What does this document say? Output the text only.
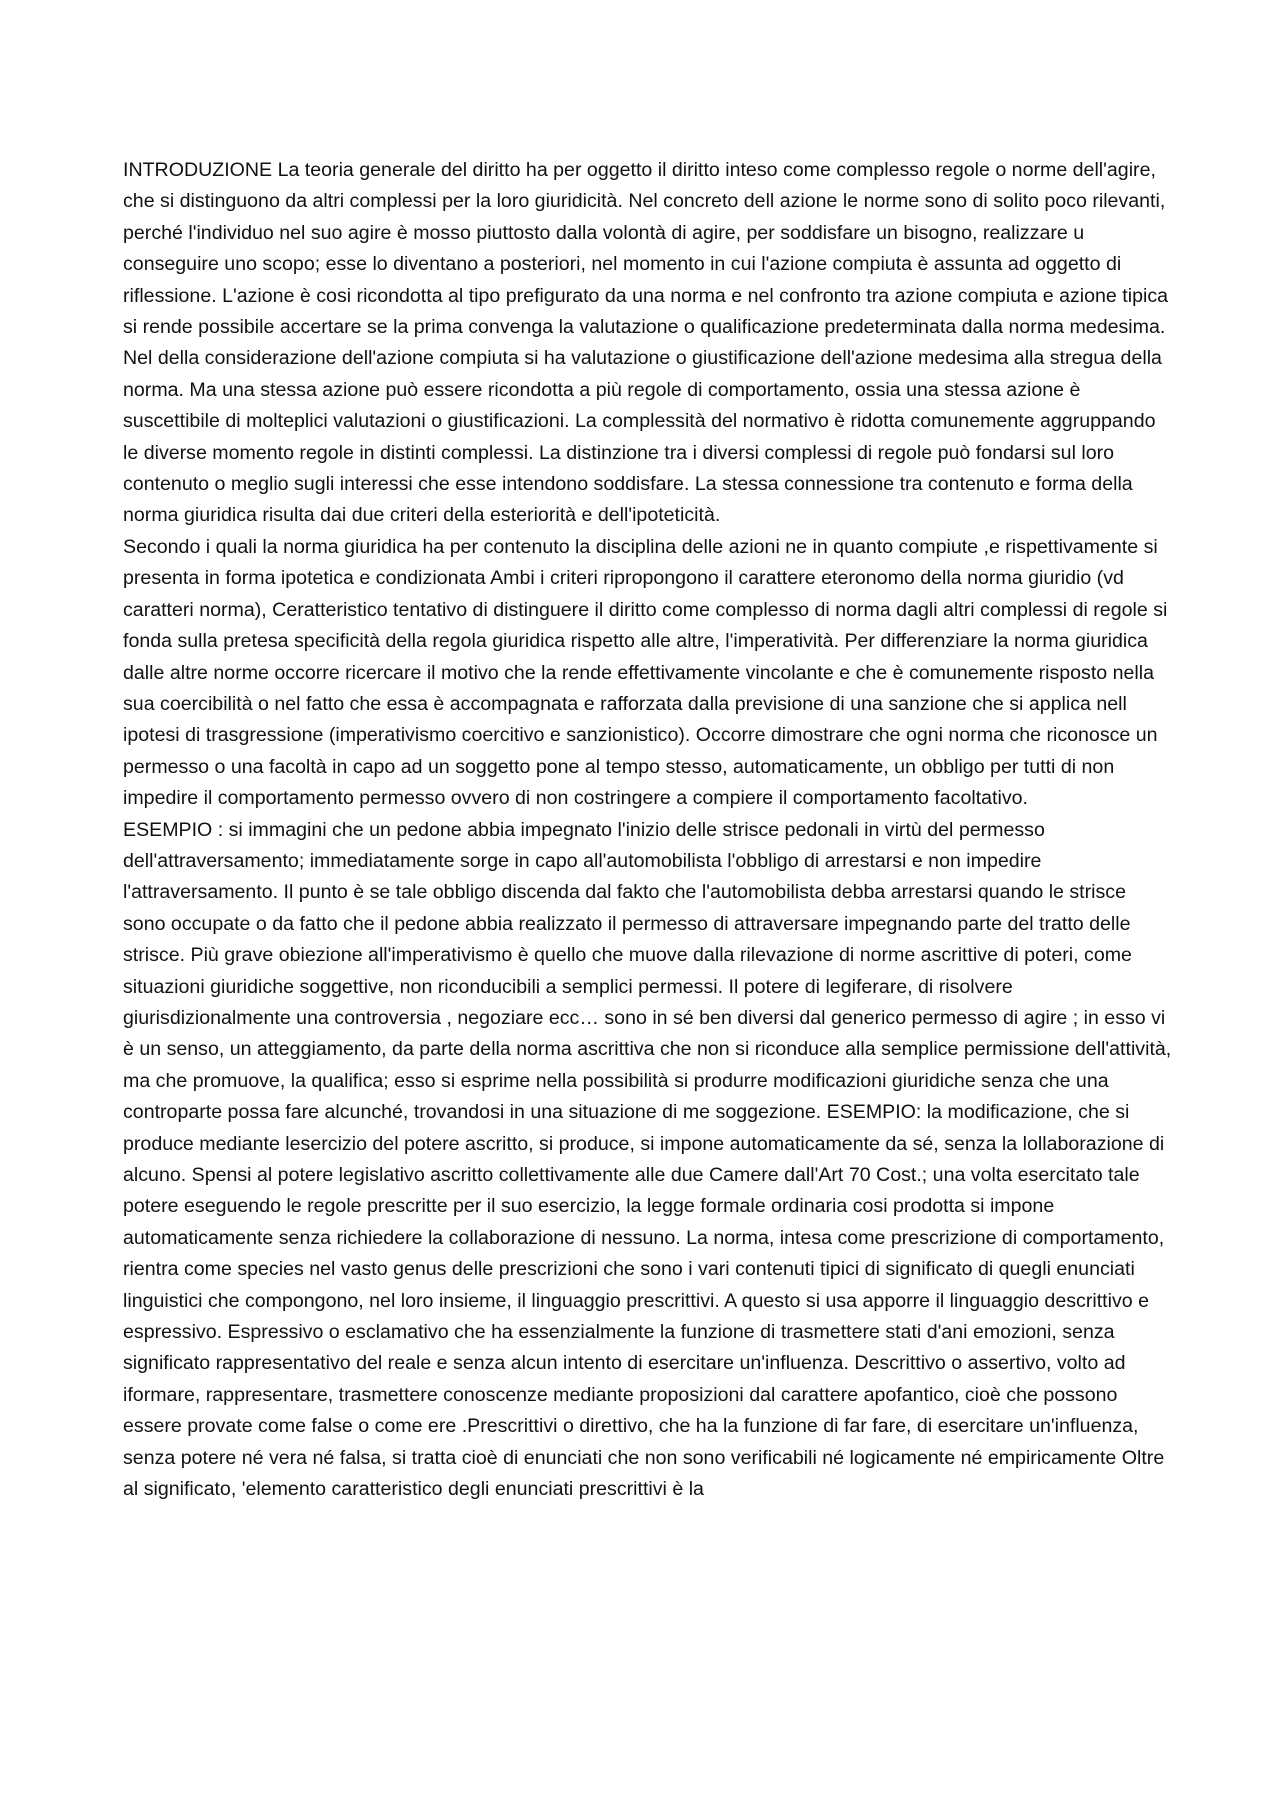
INTRODUZIONE La teoria generale del diritto ha per oggetto il diritto inteso come complesso regole o norme dell'agire, che si distinguono da altri complessi per la loro giuridicità. Nel concreto dell azione le norme sono di solito poco rilevanti, perché l'individuo nel suo agire è mosso piuttosto dalla volontà di agire, per soddisfare un bisogno, realizzare u conseguire uno scopo; esse lo diventano a posteriori, nel momento in cui l'azione compiuta è assunta ad oggetto di riflessione. L'azione è cosi ricondotta al tipo prefigurato da una norma e nel confronto tra azione compiuta e azione tipica si rende possibile accertare se la prima convenga la valutazione o qualificazione predeterminata dalla norma medesima. Nel della considerazione dell'azione compiuta si ha valutazione o giustificazione dell'azione medesima alla stregua della norma. Ma una stessa azione può essere ricondotta a più regole di comportamento, ossia una stessa azione è suscettibile di molteplici valutazioni o giustificazioni. La complessità del normativo è ridotta comunemente aggruppando le diverse momento regole in distinti complessi. La distinzione tra i diversi complessi di regole può fondarsi sul loro contenuto o meglio sugli interessi che esse intendono soddisfare. La stessa connessione tra contenuto e forma della norma giuridica risulta dai due criteri della esteriorità e dell'ipoteticità.

Secondo i quali la norma giuridica ha per contenuto la disciplina delle azioni ne in quanto compiute ,e rispettivamente si presenta in forma ipotetica e condizionata Ambi i criteri ripropongono il carattere eteronomo della norma giuridio (vd caratteri norma), Ceratteristico tentativo di distinguere il diritto come complesso di norma dagli altri complessi di regole si fonda sulla pretesa specificità della regola giuridica rispetto alle altre, l'imperatività. Per differenziare la norma giuridica dalle altre norme occorre ricercare il motivo che la rende effettivamente vincolante e che è comunemente risposto nella sua coercibilità o nel fatto che essa è accompagnata e rafforzata dalla previsione di una sanzione che si applica nell ipotesi di trasgressione (imperativismo coercitivo e sanzionistico). Occorre dimostrare che ogni norma che riconosce un permesso o una facoltà in capo ad un soggetto pone al tempo stesso, automaticamente, un obbligo per tutti di non impedire il comportamento permesso ovvero di non costringere a compiere il comportamento facoltativo.

ESEMPIO : si immagini che un pedone abbia impegnato l'inizio delle strisce pedonali in virtù del permesso dell'attraversamento; immediatamente sorge in capo all'automobilista l'obbligo di arrestarsi e non impedire l'attraversamento. Il punto è se tale obbligo discenda dal fakto che l'automobilista debba arrestarsi quando le strisce sono occupate o da fatto che il pedone abbia realizzato il permesso di attraversare impegnando parte del tratto delle strisce. Più grave obiezione all'imperativismo è quello che muove dalla rilevazione di norme ascrittive di poteri, come situazioni giuridiche soggettive, non riconducibili a semplici permessi. Il potere di legiferare, di risolvere giurisdizionalmente una controversia , negoziare ecc… sono in sé ben diversi dal generico permesso di agire ; in esso vi è un senso, un atteggiamento, da parte della norma ascrittiva che non si riconduce alla semplice permissione dell'attività, ma che promuove, la qualifica; esso si esprime nella possibilità si produrre modificazioni giuridiche senza che una controparte possa fare alcunché, trovandosi in una situazione di me soggezione. ESEMPIO: la modificazione, che si produce mediante lesercizio del potere ascritto, si produce, si impone automaticamente da sé, senza la lollaborazione di alcuno. Spensi al potere legislativo ascritto collettivamente alle due Camere dall'Art 70 Cost.; una volta esercitato tale potere eseguendo le regole prescritte per il suo esercizio, la legge formale ordinaria cosi prodotta si impone automaticamente senza richiedere la collaborazione di nessuno. La norma, intesa come prescrizione di comportamento, rientra come species nel vasto genus delle prescrizioni che sono i vari contenuti tipici di significato di quegli enunciati linguistici che compongono, nel loro insieme, il linguaggio prescrittivi. A questo si usa apporre il linguaggio descrittivo e espressivo. Espressivo o esclamativo che ha essenzialmente la funzione di trasmettere stati d'ani emozioni, senza significato rappresentativo del reale e senza alcun intento di esercitare un'influenza. Descrittivo o assertivo, volto ad iformare, rappresentare, trasmettere conoscenze mediante proposizioni dal carattere apofantico, cioè che possono essere provate come false o come ere .Prescrittivi o direttivo, che ha la funzione di far fare, di esercitare un'influenza, senza potere né vera né falsa, si tratta cioè di enunciati che non sono verificabili né logicamente né empiricamente Oltre al significato, 'elemento caratteristico degli enunciati prescrittivi è la
